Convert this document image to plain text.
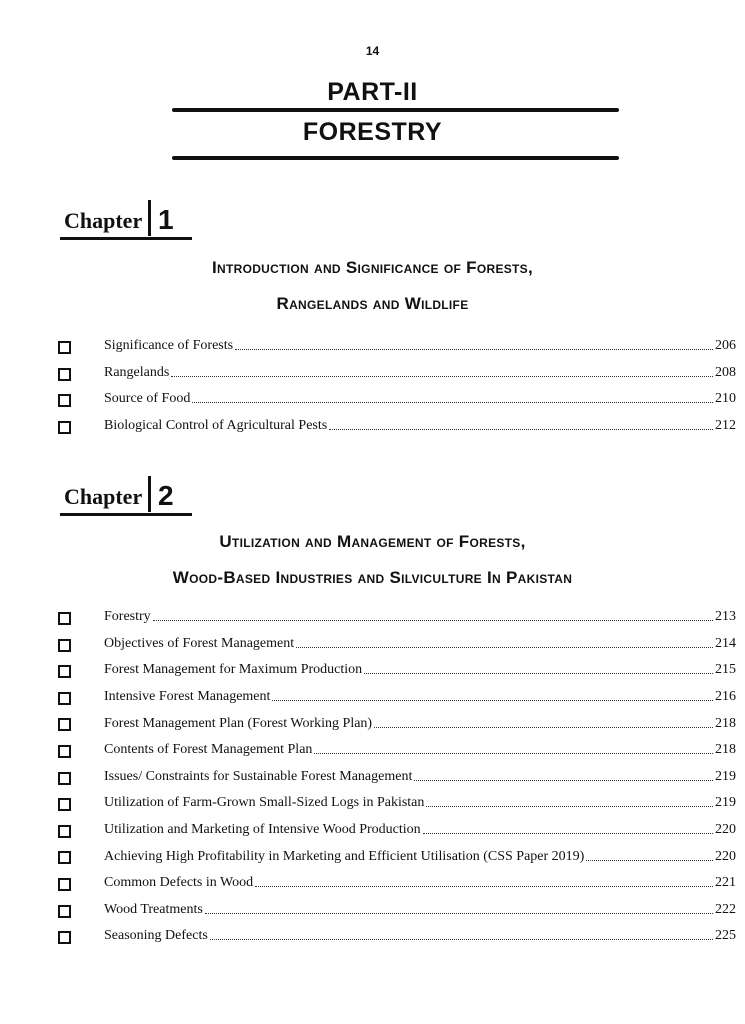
14
PART-II
FORESTRY
Chapter 1
Introduction and Significance of Forests,
Rangelands and Wildlife
Significance of Forests	206
Rangelands	208
Source of Food	210
Biological Control of Agricultural Pests	212
Chapter 2
Utilization and Management of Forests,
Wood-Based Industries and Silviculture In Pakistan
Forestry	213
Objectives of Forest Management	214
Forest Management for Maximum Production	215
Intensive Forest Management	216
Forest Management Plan (Forest Working Plan)	218
Contents of Forest Management Plan	218
Issues/ Constraints for Sustainable Forest Management	219
Utilization of Farm-Grown Small-Sized Logs in Pakistan	219
Utilization and Marketing of Intensive Wood Production	220
Achieving High Profitability in Marketing and Efficient Utilisation (CSS Paper 2019)	220
Common Defects in Wood	221
Wood Treatments	222
Seasoning Defects	225
